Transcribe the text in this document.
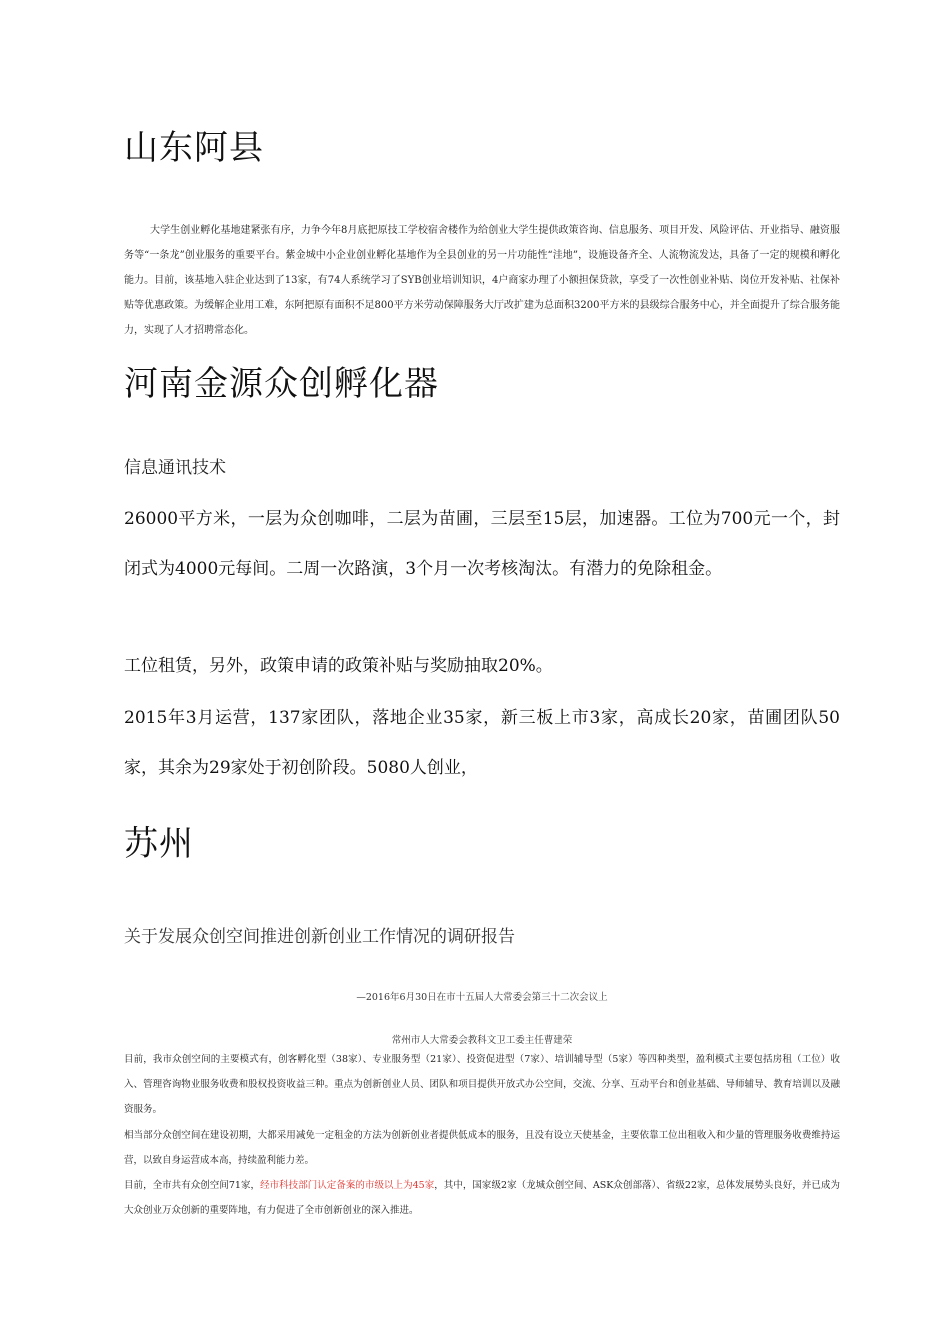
山东阿县
大学生创业孵化基地建紧张有序，力争今年8月底把原技工学校宿舍楼作为给创业大学生提供政策咨询、信息服务、项目开发、风险评估、开业指导、融资服务等“一条龙”创业服务的重要平台。紫金城中小企业创业孵化基地作为全县创业的另一片功能性“洼地”，设施设备齐全、人流物流发达，具备了一定的规模和孵化能力。目前，该基地入驻企业达到了13家，有74人系统学习了SYB创业培训知识，4户商家办理了小额担保贷款，享受了一次性创业补贴、岗位开发补贴、社保补贴等优惠政策。为缓解企业用工难，东阿把原有面积不足800平方米劳动保障服务大厅改扩建为总面积3200平方米的县级综合服务中心，并全面提升了综合服务能力，实现了人才招聘常态化。
河南金源众创孵化器
信息通讯技术
26000平方米，一层为众创咖啡，二层为苗圃，三层至15层，加速器。工位为700元一个，封闭式为4000元每间。二周一次路演，3个月一次考核淘汰。有潜力的免除租金。
工位租赁，另外，政策申请的政策补贴与奖励抽取20%。
2015年3月运营，137家团队，落地企业35家，新三板上市3家，高成长20家，苗圃团队50家，其余为29家处于初创阶段。5080人创业，
苏州
关于发展众创空间推进创新创业工作情况的调研报告
—2016年6月30日在市十五届人大常委会第三十二次会议上
常州市人大常委会教科文卫工委主任曹建荣
目前，我市众创空间的主要模式有，创客孵化型（38家）、专业服务型（21家）、投资促进型（7家）、培训辅导型（5家）等四种类型，盈利模式主要包括房租（工位）收入、管理咨询物业服务收费和股权投资收益三种。重点为创新创业人员、团队和项目提供开放式办公空间，交流、分享、互动平台和创业基础、导师辅导、教育培训以及融资服务。
相当部分众创空间在建设初期，大都采用减免一定租金的方法为创新创业者提供低成本的服务，且没有设立天使基金，主要依靠工位出租收入和少量的管理服务收费维持运营，以致自身运营成本高，持续盈利能力差。
目前，全市共有众创空间71家，经市科技部门认定备案的市级以上为45家，其中，国家级2家（龙城众创空间、ASK众创部落）、省级22家，总体发展势头良好，并已成为大众创业万众创新的重要阵地，有力促进了全市创新创业的深入推进。
